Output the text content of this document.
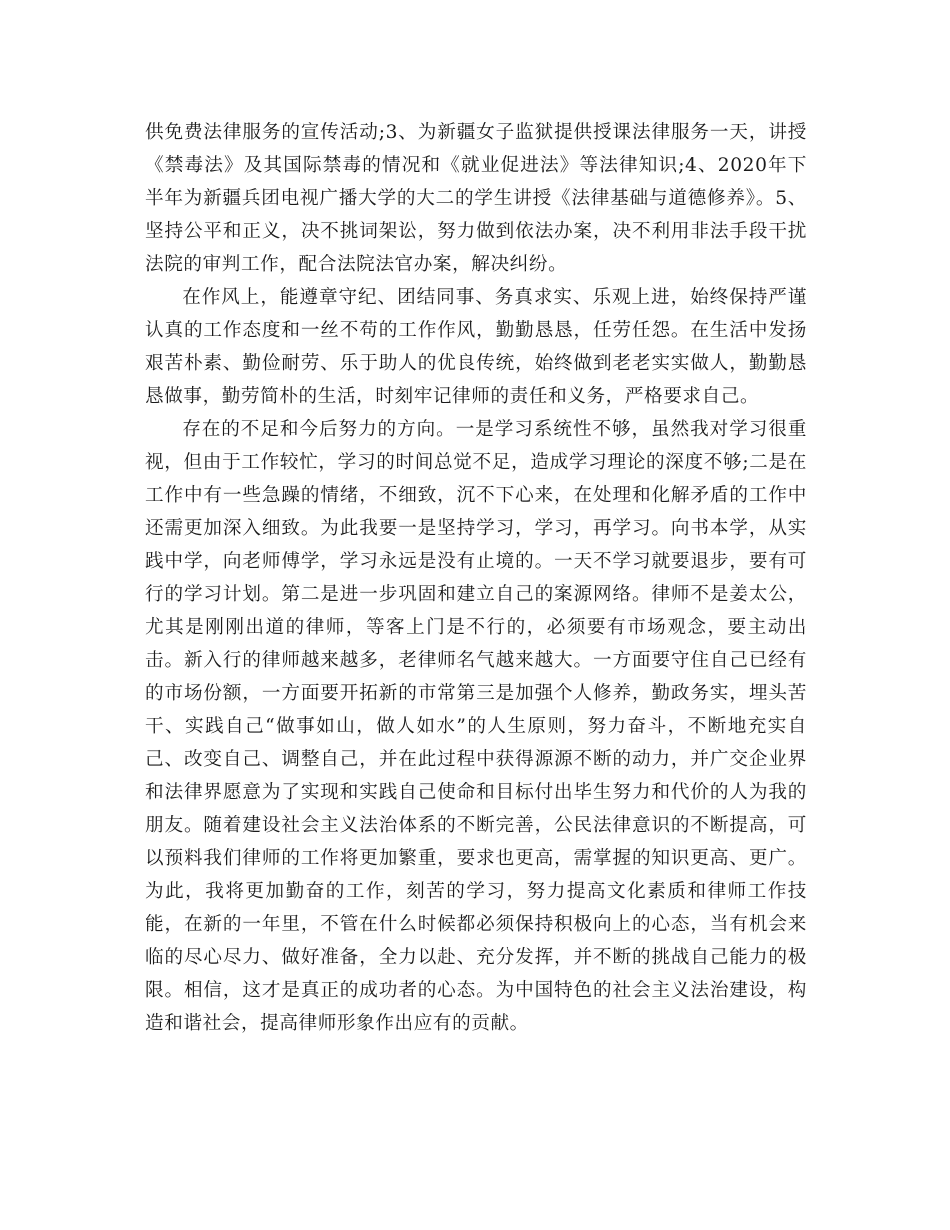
供免费法律服务的宣传活动;3、为新疆女子监狱提供授课法律服务一天，讲授《禁毒法》及其国际禁毒的情况和《就业促进法》等法律知识;4、2020年下半年为新疆兵团电视广播大学的大二的学生讲授《法律基础与道德修养》。5、坚持公平和正义，决不挑词架讼，努力做到依法办案，决不利用非法手段干扰法院的审判工作，配合法院法官办案，解决纠纷。

在作风上，能遵章守纪、团结同事、务真求实、乐观上进，始终保持严谨认真的工作态度和一丝不苟的工作作风，勤勤恳恳，任劳任怨。在生活中发扬艰苦朴素、勤俭耐劳、乐于助人的优良传统，始终做到老老实实做人，勤勤恳恳做事，勤劳简朴的生活，时刻牢记律师的责任和义务，严格要求自己。

存在的不足和今后努力的方向。一是学习系统性不够，虽然我对学习很重视，但由于工作较忙，学习的时间总觉不足，造成学习理论的深度不够;二是在工作中有一些急躁的情绪，不细致，沉不下心来，在处理和化解矛盾的工作中还需更加深入细致。为此我要一是坚持学习，学习，再学习。向书本学，从实践中学，向老师傅学，学习永远是没有止境的。一天不学习就要退步，要有可行的学习计划。第二是进一步巩固和建立自己的案源网络。律师不是姜太公，尤其是刚刚出道的律师，等客上门是不行的，必须要有市场观念，要主动出击。新入行的律师越来越多，老律师名气越来越大。一方面要守住自己已经有的市场份额，一方面要开拓新的市常第三是加强个人修养，勤政务实，埋头苦干、实践自己“做事如山，做人如水”的人生原则，努力奋斗，不断地充实自己、改变自己、调整自己，并在此过程中获得源源不断的动力，并广交企业界和法律界愿意为了实现和实践自己使命和目标付出毕生努力和代价的人为我的朋友。随着建设社会主义法治体系的不断完善，公民法律意识的不断提高，可以预料我们律师的工作将更加繁重，要求也更高，需掌握的知识更高、更广。为此，我将更加勤奋的工作，刻苦的学习，努力提高文化素质和律师工作技能，在新的一年里，不管在什么时候都必须保持积极向上的心态，当有机会来临的尽心尽力、做好准备，全力以赴、充分发挥，并不断的挑战自己能力的极限。相信，这才是真正的成功者的心态。为中国特色的社会主义法治建设，构造和谐社会，提高律师形象作出应有的贡献。
